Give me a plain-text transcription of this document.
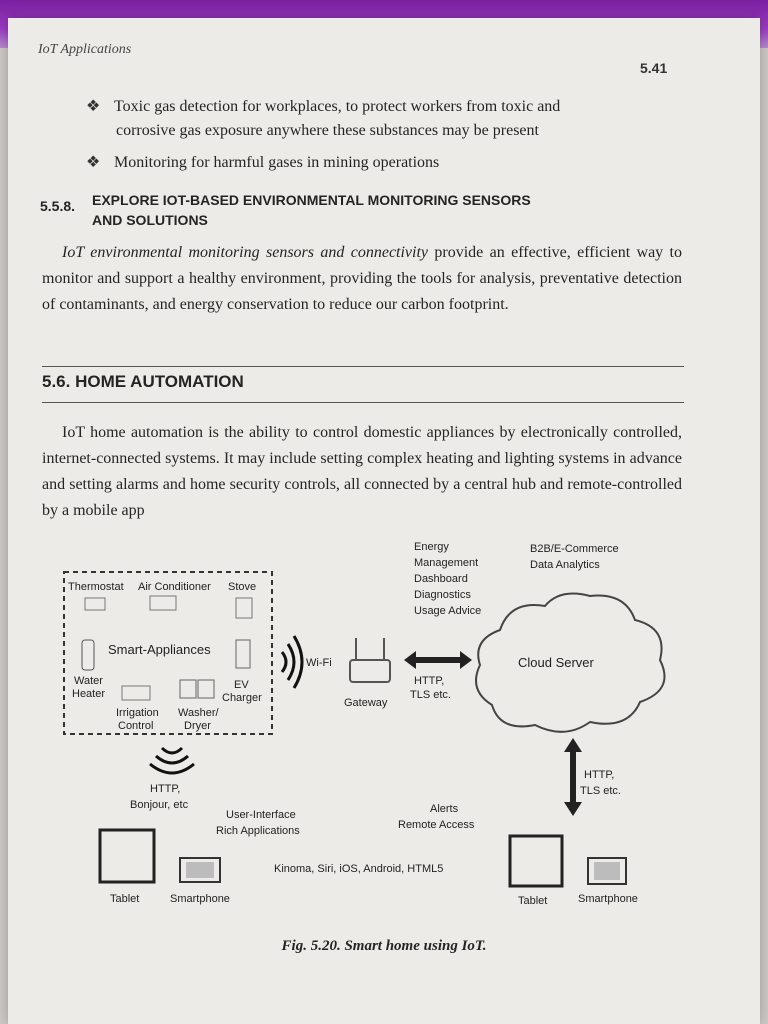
IoT Applications
5.41
❖ Toxic gas detection for workplaces, to protect workers from toxic and
corrosive gas exposure anywhere these substances may be present
❖ Monitoring for harmful gases in mining operations
5.5.8. EXPLORE IOT-BASED ENVIRONMENTAL MONITORING SENSORS
AND SOLUTIONS
IoT environmental monitoring sensors and connectivity provide an effective, efficient way to monitor and support a healthy environment, providing the tools for analysis, preventative detection of contaminants, and energy conservation to reduce our carbon footprint.
5.6. HOME AUTOMATION
IoT home automation is the ability to control domestic appliances by electronically controlled, internet-connected systems. It may include setting complex heating and lighting systems in advance and setting alarms and home security controls, all connected by a central hub and remote-controlled by a mobile app
Thermostat Air Conditioner Stove
Smart-Appliances
Water
Heater
EV
Charger
Irrigation
Control
Washer/
Dryer
Wi-Fi
Gateway
HTTP,
TLS etc.
Cloud Server
Energy
Management
Dashboard
Diagnostics
Usage Advice
B2B/E-Commerce
Data Analytics
HTTP,
TLS etc.
HTTP,
Bonjour, etc
User-Interface
Rich Applications
Alerts
Remote Access
Tablet	Smartphone
Kinoma, Siri, iOS, Android, HTML5
Tablet	Smartphone
Fig. 5.20. Smart home using IoT.
